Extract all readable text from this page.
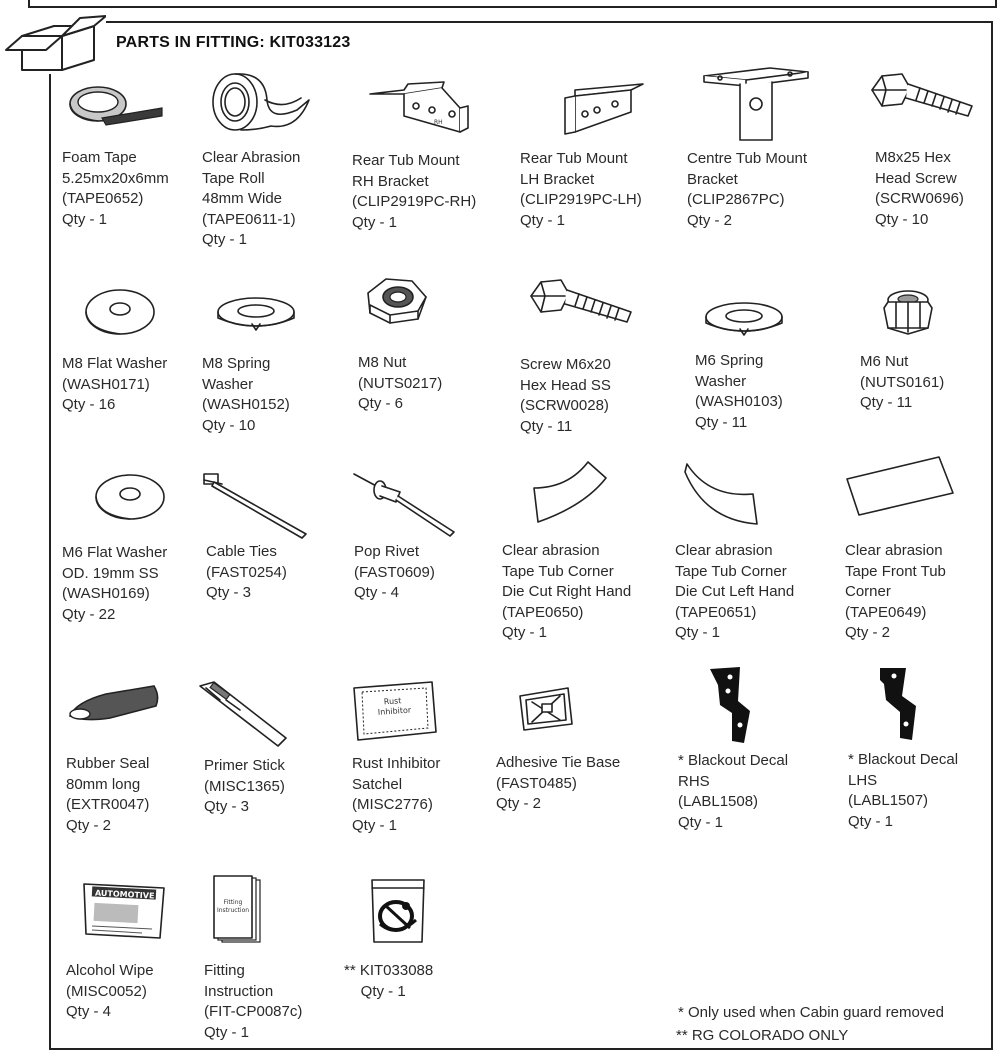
PARTS IN FITTING: KIT033123
Foam Tape
5.25mx20x6mm
(TAPE0652)
Qty - 1
Clear Abrasion
Tape Roll
48mm Wide
(TAPE0611-1)
Qty - 1
RH
Rear Tub Mount
RH Bracket
(CLIP2919PC-RH)
Qty - 1
Rear Tub Mount
LH Bracket
(CLIP2919PC-LH)
Qty - 1
Centre Tub Mount
Bracket
(CLIP2867PC)
Qty - 2
M8x25 Hex
Head Screw
(SCRW0696)
Qty - 10
M8 Flat Washer
(WASH0171)
Qty - 16
M8 Spring
Washer
(WASH0152)
Qty - 10
M8 Nut
(NUTS0217)
Qty - 6
Screw M6x20
Hex Head SS
(SCRW0028)
Qty - 11
M6 Spring
Washer
(WASH0103)
Qty - 11
M6 Nut
(NUTS0161)
Qty - 11
M6 Flat Washer
OD. 19mm SS
(WASH0169)
Qty - 22
Cable Ties
(FAST0254)
Qty - 3
Pop Rivet
(FAST0609)
Qty - 4
Clear abrasion
Tape Tub Corner
Die Cut Right Hand
(TAPE0650)
Qty - 1
Clear abrasion
Tape Tub Corner
Die Cut Left Hand
(TAPE0651)
Qty - 1
Clear abrasion
Tape Front Tub
Corner
(TAPE0649)
Qty - 2
Rubber Seal
80mm long
(EXTR0047)
Qty - 2
Primer Stick
(MISC1365)
Qty - 3
Rust
Inhibitor
Rust Inhibitor
Satchel
(MISC2776)
Qty - 1
Adhesive Tie Base
(FAST0485)
Qty - 2
* Blackout Decal
RHS
(LABL1508)
Qty - 1
* Blackout Decal
LHS
(LABL1507)
Qty - 1
AUTOMOTIVE
Alcohol Wipe
(MISC0052)
Qty - 4
Fitting
Instruction
Fitting
Instruction
(FIT-CP0087c)
Qty - 1
** KIT033088
Qty - 1
* Only used when Cabin guard removed
** RG COLORADO ONLY
